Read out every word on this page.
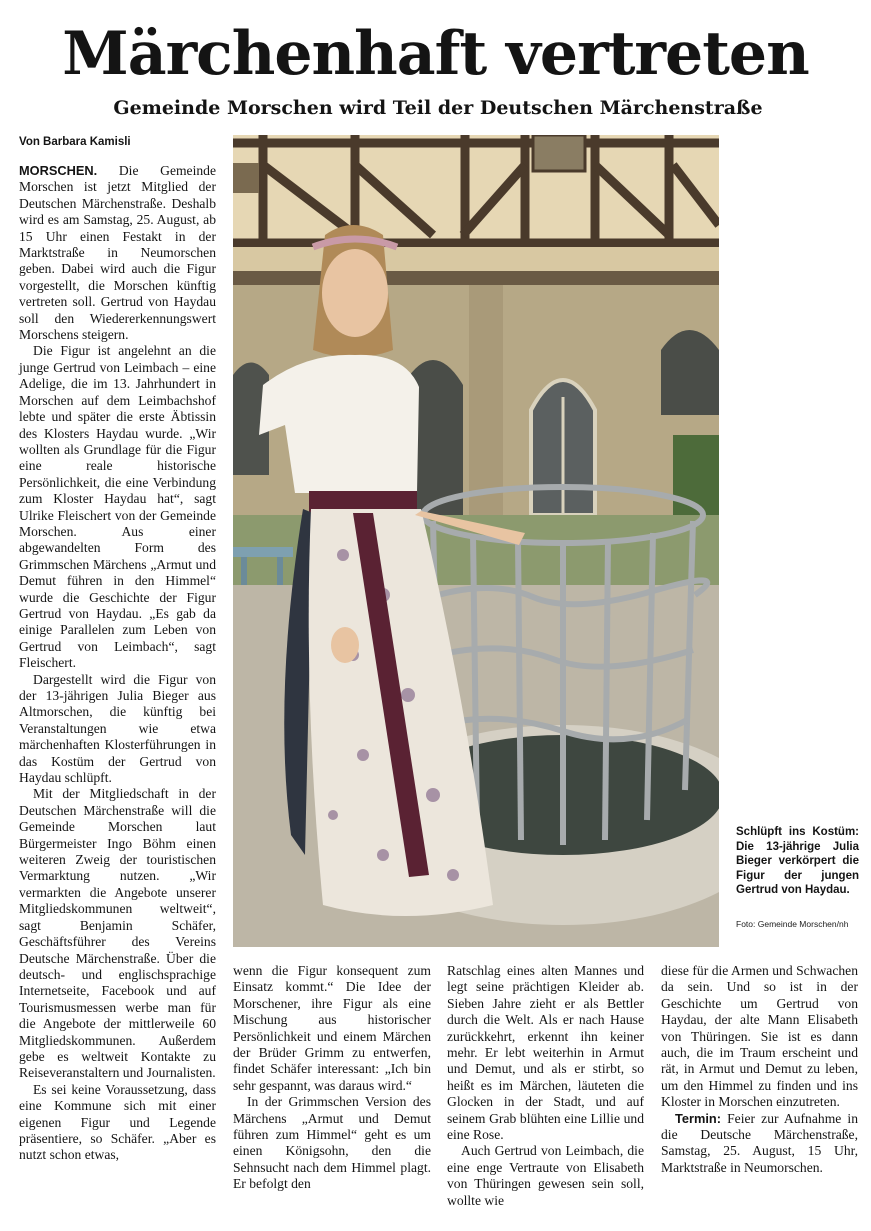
Märchenhaft vertreten
Gemeinde Morschen wird Teil der Deutschen Märchenstraße
Von Barbara Kamisli

MORSCHEN. Die Gemeinde Morschen ist jetzt Mitglied der Deutschen Märchenstraße. Deshalb wird es am Samstag, 25. August, ab 15 Uhr einen Festakt in der Marktstraße in Neumorschen geben. Dabei wird auch die Figur vorgestellt, die Morschen künftig vertreten soll. Gertrud von Haydau soll den Wiedererkennungswert Morschens steigern.

Die Figur ist angelehnt an die junge Gertrud von Leimbach – eine Adelige, die im 13. Jahrhundert in Morschen auf dem Leimbachshof lebte und später die erste Äbtissin des Klosters Haydau wurde. „Wir wollten als Grundlage für die Figur eine reale historische Persönlichkeit, die eine Verbindung zum Kloster Haydau hat“, sagt Ulrike Fleischert von der Gemeinde Morschen. Aus einer abgewandelten Form des Grimmschen Märchens „Armut und Demut führen in den Himmel“ wurde die Geschichte der Figur Gertrud von Haydau. „Es gab da einige Parallelen zum Leben von Gertrud von Leimbach“, sagt Fleischert.

Dargestellt wird die Figur von der 13-jährigen Julia Bieger aus Altmorschen, die künftig bei Veranstaltungen wie etwa märchenhaften Klosterführungen in das Kostüm der Gertrud von Haydau schlüpft.

Mit der Mitgliedschaft in der Deutschen Märchenstraße will die Gemeinde Morschen laut Bürgermeister Ingo Böhm einen weiteren Zweig der touristischen Vermarktung nutzen. „Wir vermarkten die Angebote unserer Mitgliedskommunen weltweit“, sagt Benjamin Schäfer, Geschäftsführer des Vereins Deutsche Märchenstraße. Über die deutsch- und englischsprachige Internetseite, Facebook und auf Tourismusmessen werbe man für die Angebote der mittlerweile 60 Mitgliedskommunen. Außerdem gebe es weltweit Kontakte zu Reiseveranstaltern und Journalisten.

Es sei keine Voraussetzung, dass eine Kommune sich mit einer eigenen Figur und Legende präsentiere, so Schäfer. „Aber es nutzt schon etwas,

Schlüpft ins Kostüm: Die 13-jährige Julia Bieger verkörpert die Figur der jungen Gertrud von Haydau.
Foto: Gemeinde Morschen/nh

wenn die Figur konsequent zum Einsatz kommt.“ Die Idee der Morschener, ihre Figur als eine Mischung aus historischer Persönlichkeit und einem Märchen der Brüder Grimm zu entwerfen, findet Schäfer interessant: „Ich bin sehr gespannt, was daraus wird.“

In der Grimmschen Version des Märchens „Armut und Demut führen zum Himmel“ geht es um einen Königsohn, den die Sehnsucht nach dem Himmel plagt. Er befolgt den

Ratschlag eines alten Mannes und legt seine prächtigen Kleider ab. Sieben Jahre zieht er als Bettler durch die Welt. Als er nach Hause zurückkehrt, erkennt ihn keiner mehr. Er lebt weiterhin in Armut und Demut, und als er stirbt, so heißt es im Märchen, läuteten die Glocken in der Stadt, und auf seinem Grab blühten eine Lillie und eine Rose.

Auch Gertrud von Leimbach, die eine enge Vertraute von Elisabeth von Thüringen gewesen sein soll, wollte wie

diese für die Armen und Schwachen da sein. Und so ist in der Geschichte um Gertrud von Haydau, der alte Mann Elisabeth von Thüringen. Sie ist es dann auch, die im Traum erscheint und rät, in Armut und Demut zu leben, um den Himmel zu finden und ins Kloster in Morschen einzutreten.

Termin: Feier zur Aufnahme in die Deutsche Märchenstraße, Samstag, 25. August, 15 Uhr, Marktstraße in Neumorschen.
